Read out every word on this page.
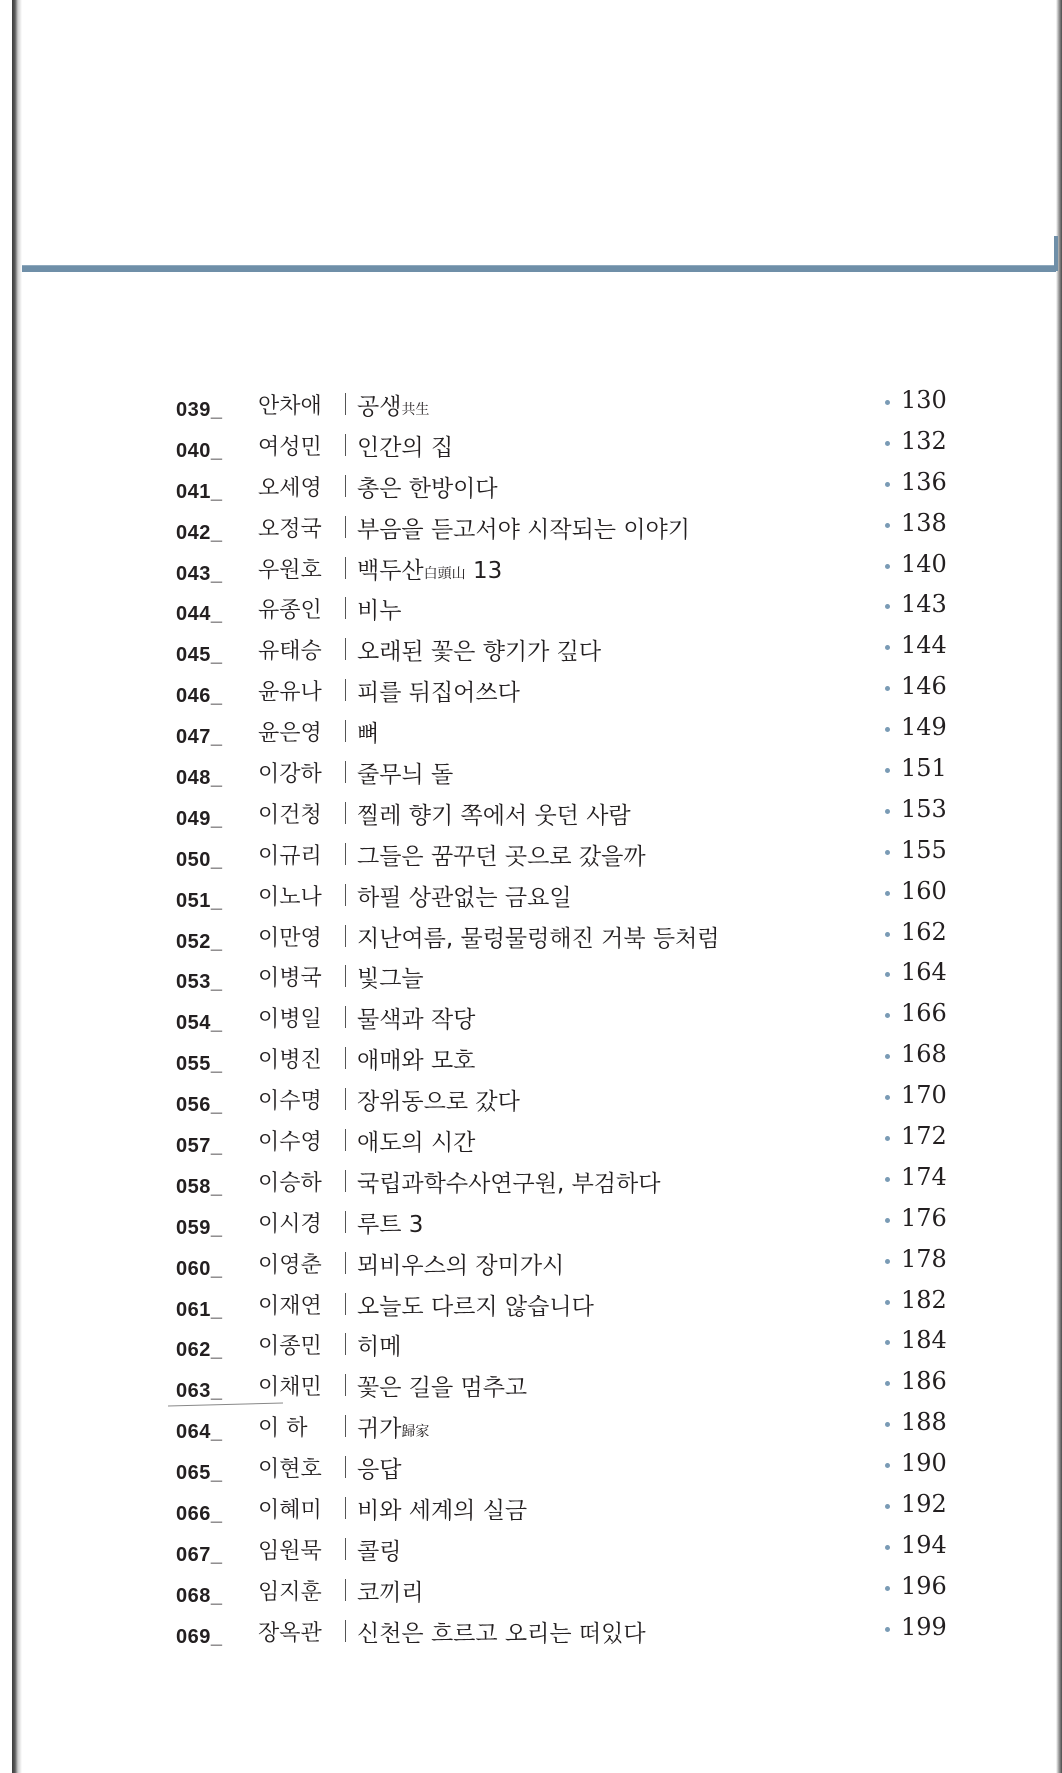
039_ 안차애 공생共生	130
040_ 여성민 인간의 집	132
041_ 오세영 총은 한방이다	136
042_ 오정국 부음을 듣고서야 시작되는 이야기	138
043_ 우원호 백두산白頭山 13	140
044_ 유종인 비누	143
045_ 유태승 오래된 꽃은 향기가 깊다	144
046_ 윤유나 피를 뒤집어쓰다	146
047_ 윤은영 뼈	149
048_ 이강하 줄무늬 돌	151
049_ 이건청 찔레 향기 쪽에서 웃던 사람	153
050_ 이규리 그들은 꿈꾸던 곳으로 갔을까	155
051_ 이노나 하필 상관없는 금요일	160
052_ 이만영 지난여름, 물렁물렁해진 거북 등처럼	162
053_ 이병국 빛그늘	164
054_ 이병일 물색과 작당	166
055_ 이병진 애매와 모호	168
056_ 이수명 장위동으로 갔다	170
057_ 이수영 애도의 시간	172
058_ 이승하 국립과학수사연구원, 부검하다	174
059_ 이시경 루트 3	176
060_ 이영춘 뫼비우스의 장미가시	178
061_ 이재연 오늘도 다르지 않습니다	182
062_ 이종민 히메	184
063_ 이채민 꽃은 길을 멈추고	186
064_ 이 하 귀가歸家	188
065_ 이현호 응답	190
066_ 이혜미 비와 세계의 실금	192
067_ 임원묵 콜링	194
068_ 임지훈 코끼리	196
069_ 장옥관 신천은 흐르고 오리는 떠있다	199
